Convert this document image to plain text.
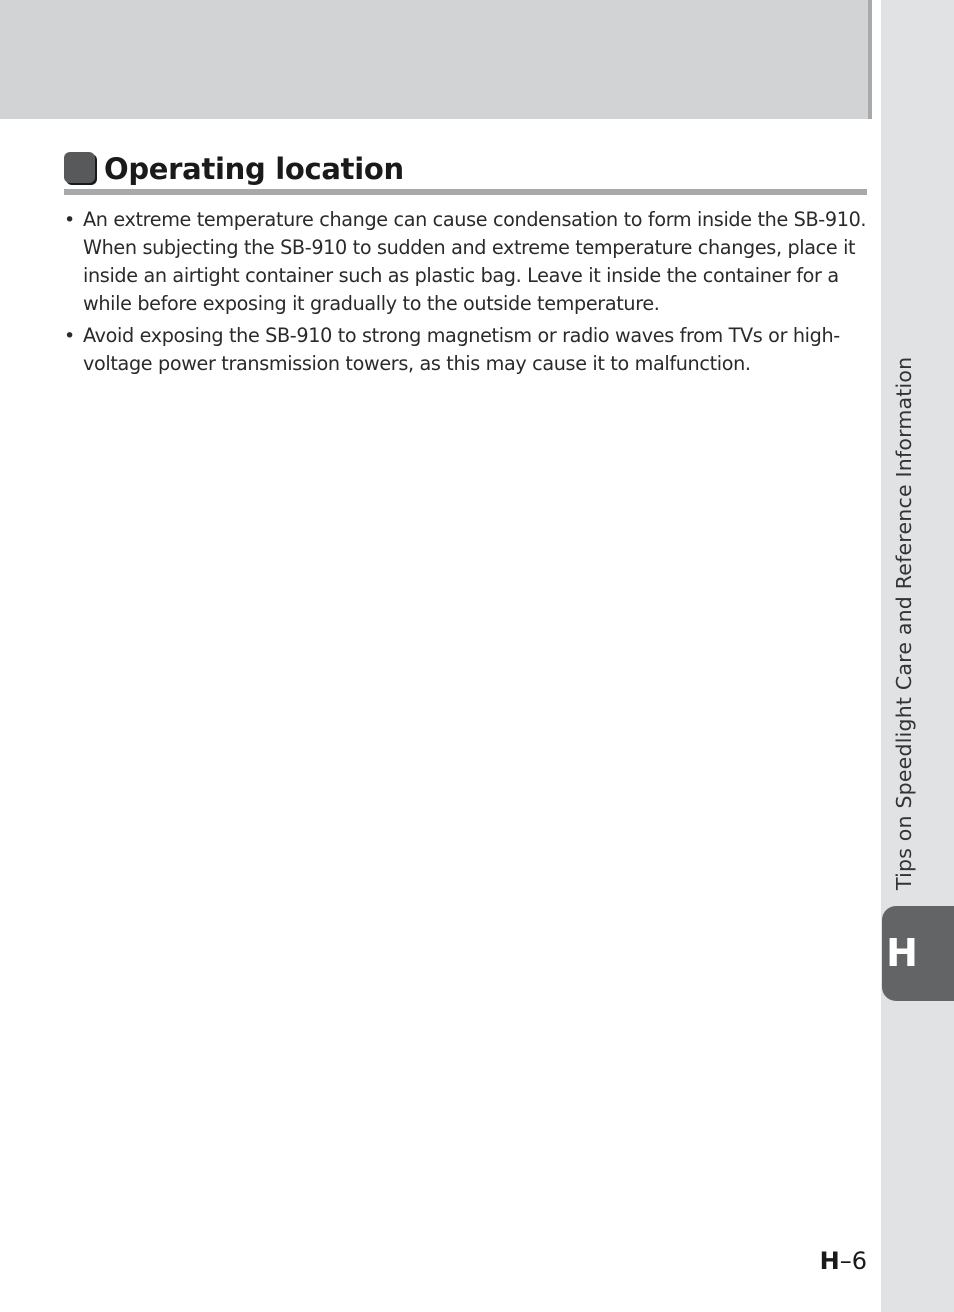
Operating location
• An extreme temperature change can cause condensation to form inside the SB-910. When subjecting the SB-910 to sudden and extreme temperature changes, place it inside an airtight container such as plastic bag. Leave it inside the container for a while before exposing it gradually to the outside temperature.
• Avoid exposing the SB-910 to strong magnetism or radio waves from TVs or high-voltage power transmission towers, as this may cause it to malfunction.	Tips on Speedlight Care and Reference Information
H
H–6
